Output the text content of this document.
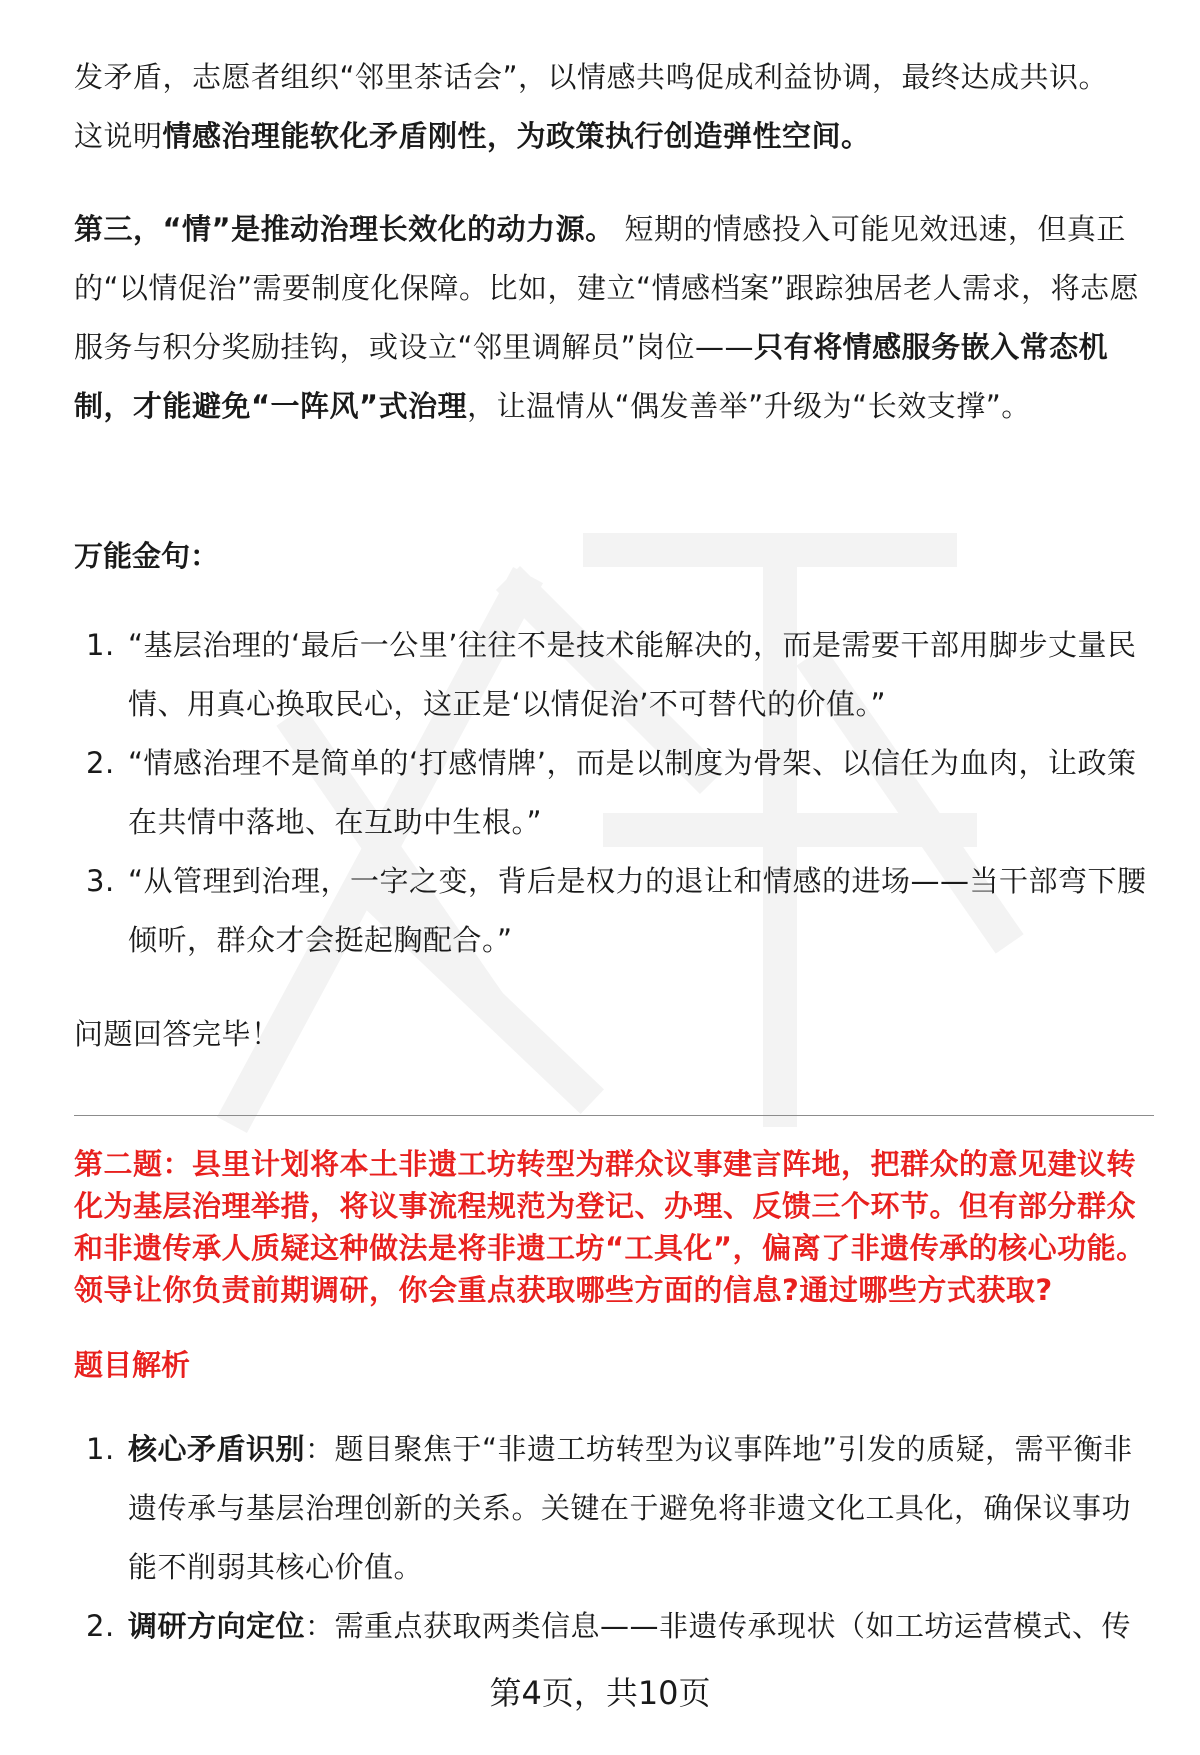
发矛盾，志愿者组织“邻里茶话会”，以情感共鸣促成利益协调，最终达成共识。
这说明情感治理能软化矛盾刚性，为政策执行创造弹性空间。
第三，“情”是推动治理长效化的动力源。 短期的情感投入可能见效迅速，但真正的“以情促治”需要制度化保障。比如，建立“情感档案”跟踪独居老人需求，将志愿服务与积分奖励挂钩，或设立“邻里调解员”岗位——只有将情感服务嵌入常态机制，才能避免“一阵风”式治理，让温情从“偶发善举”升级为“长效支撑”。
万能金句：
1. “基层治理的‘最后一公里’往往不是技术能解决的，而是需要干部用脚步丈量民情、用真心换取民心，这正是‘以情促治’不可替代的价值。”
2. “情感治理不是简单的‘打感情牌’，而是以制度为骨架、以信任为血肉，让政策在共情中落地、在互助中生根。”
3. “从管理到治理，一字之变，背后是权力的退让和情感的进场——当干部弯下腰倾听，群众才会挺起胸配合。”
问题回答完毕！
第二题：县里计划将本土非遗工坊转型为群众议事建言阵地，把群众的意见建议转化为基层治理举措，将议事流程规范为登记、办理、反馈三个环节。但有部分群众和非遗传承人质疑这种做法是将非遗工坊“工具化”，偏离了非遗传承的核心功能。领导让你负责前期调研，你会重点获取哪些方面的信息?通过哪些方式获取?
题目解析
1. 核心矛盾识别：题目聚焦于“非遗工坊转型为议事阵地”引发的质疑，需平衡非遗传承与基层治理创新的关系。关键在于避免将非遗文化工具化，确保议事功能不削弱其核心价值。
2. 调研方向定位：需重点获取两类信息——非遗传承现状（如工坊运营模式、传
第4页，共10页
